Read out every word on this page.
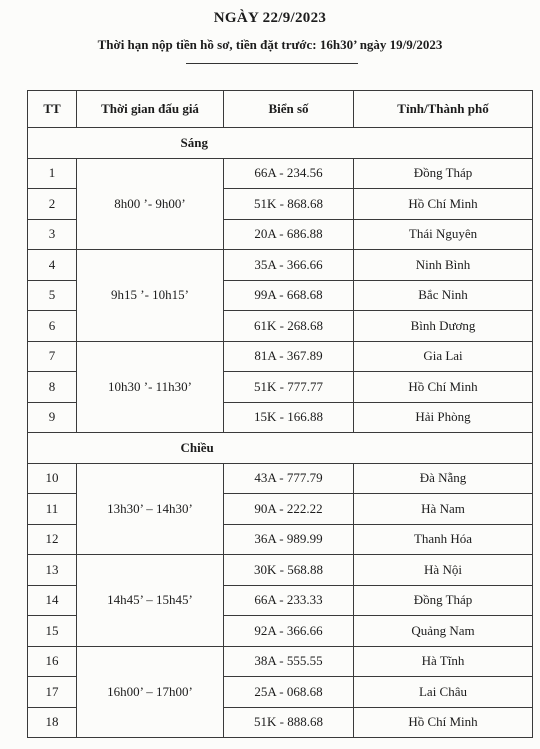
NGÀY 22/9/2023
Thời hạn nộp tiền hồ sơ, tiền đặt trước: 16h30’ ngày 19/9/2023
TT	Thời gian đấu giá	Biển số	Tỉnh/Thành phố
	Sáng		
1	8h00 ’- 9h00’	66A - 234.56	Đồng Tháp
2		51K - 868.68	Hồ Chí Minh
3		20A - 686.88	Thái Nguyên
4	9h15 ’- 10h15’	35A - 366.66	Ninh Bình
5		99A - 668.68	Bắc Ninh
6		61K - 268.68	Bình Dương
7	10h30 ’- 11h30’	81A - 367.89	Gia Lai
8		51K - 777.77	Hồ Chí Minh
9		15K - 166.88	Hải Phòng
	Chiều		
10	13h30’ – 14h30’	43A - 777.79	Đà Nẵng
11		90A - 222.22	Hà Nam
12		36A - 989.99	Thanh Hóa
13	14h45’ – 15h45’	30K - 568.88	Hà Nội
14		66A - 233.33	Đồng Tháp
15		92A - 366.66	Quảng Nam
16	16h00’ – 17h00’	38A - 555.55	Hà Tĩnh
17		25A - 068.68	Lai Châu
18		51K - 888.68	Hồ Chí Minh
